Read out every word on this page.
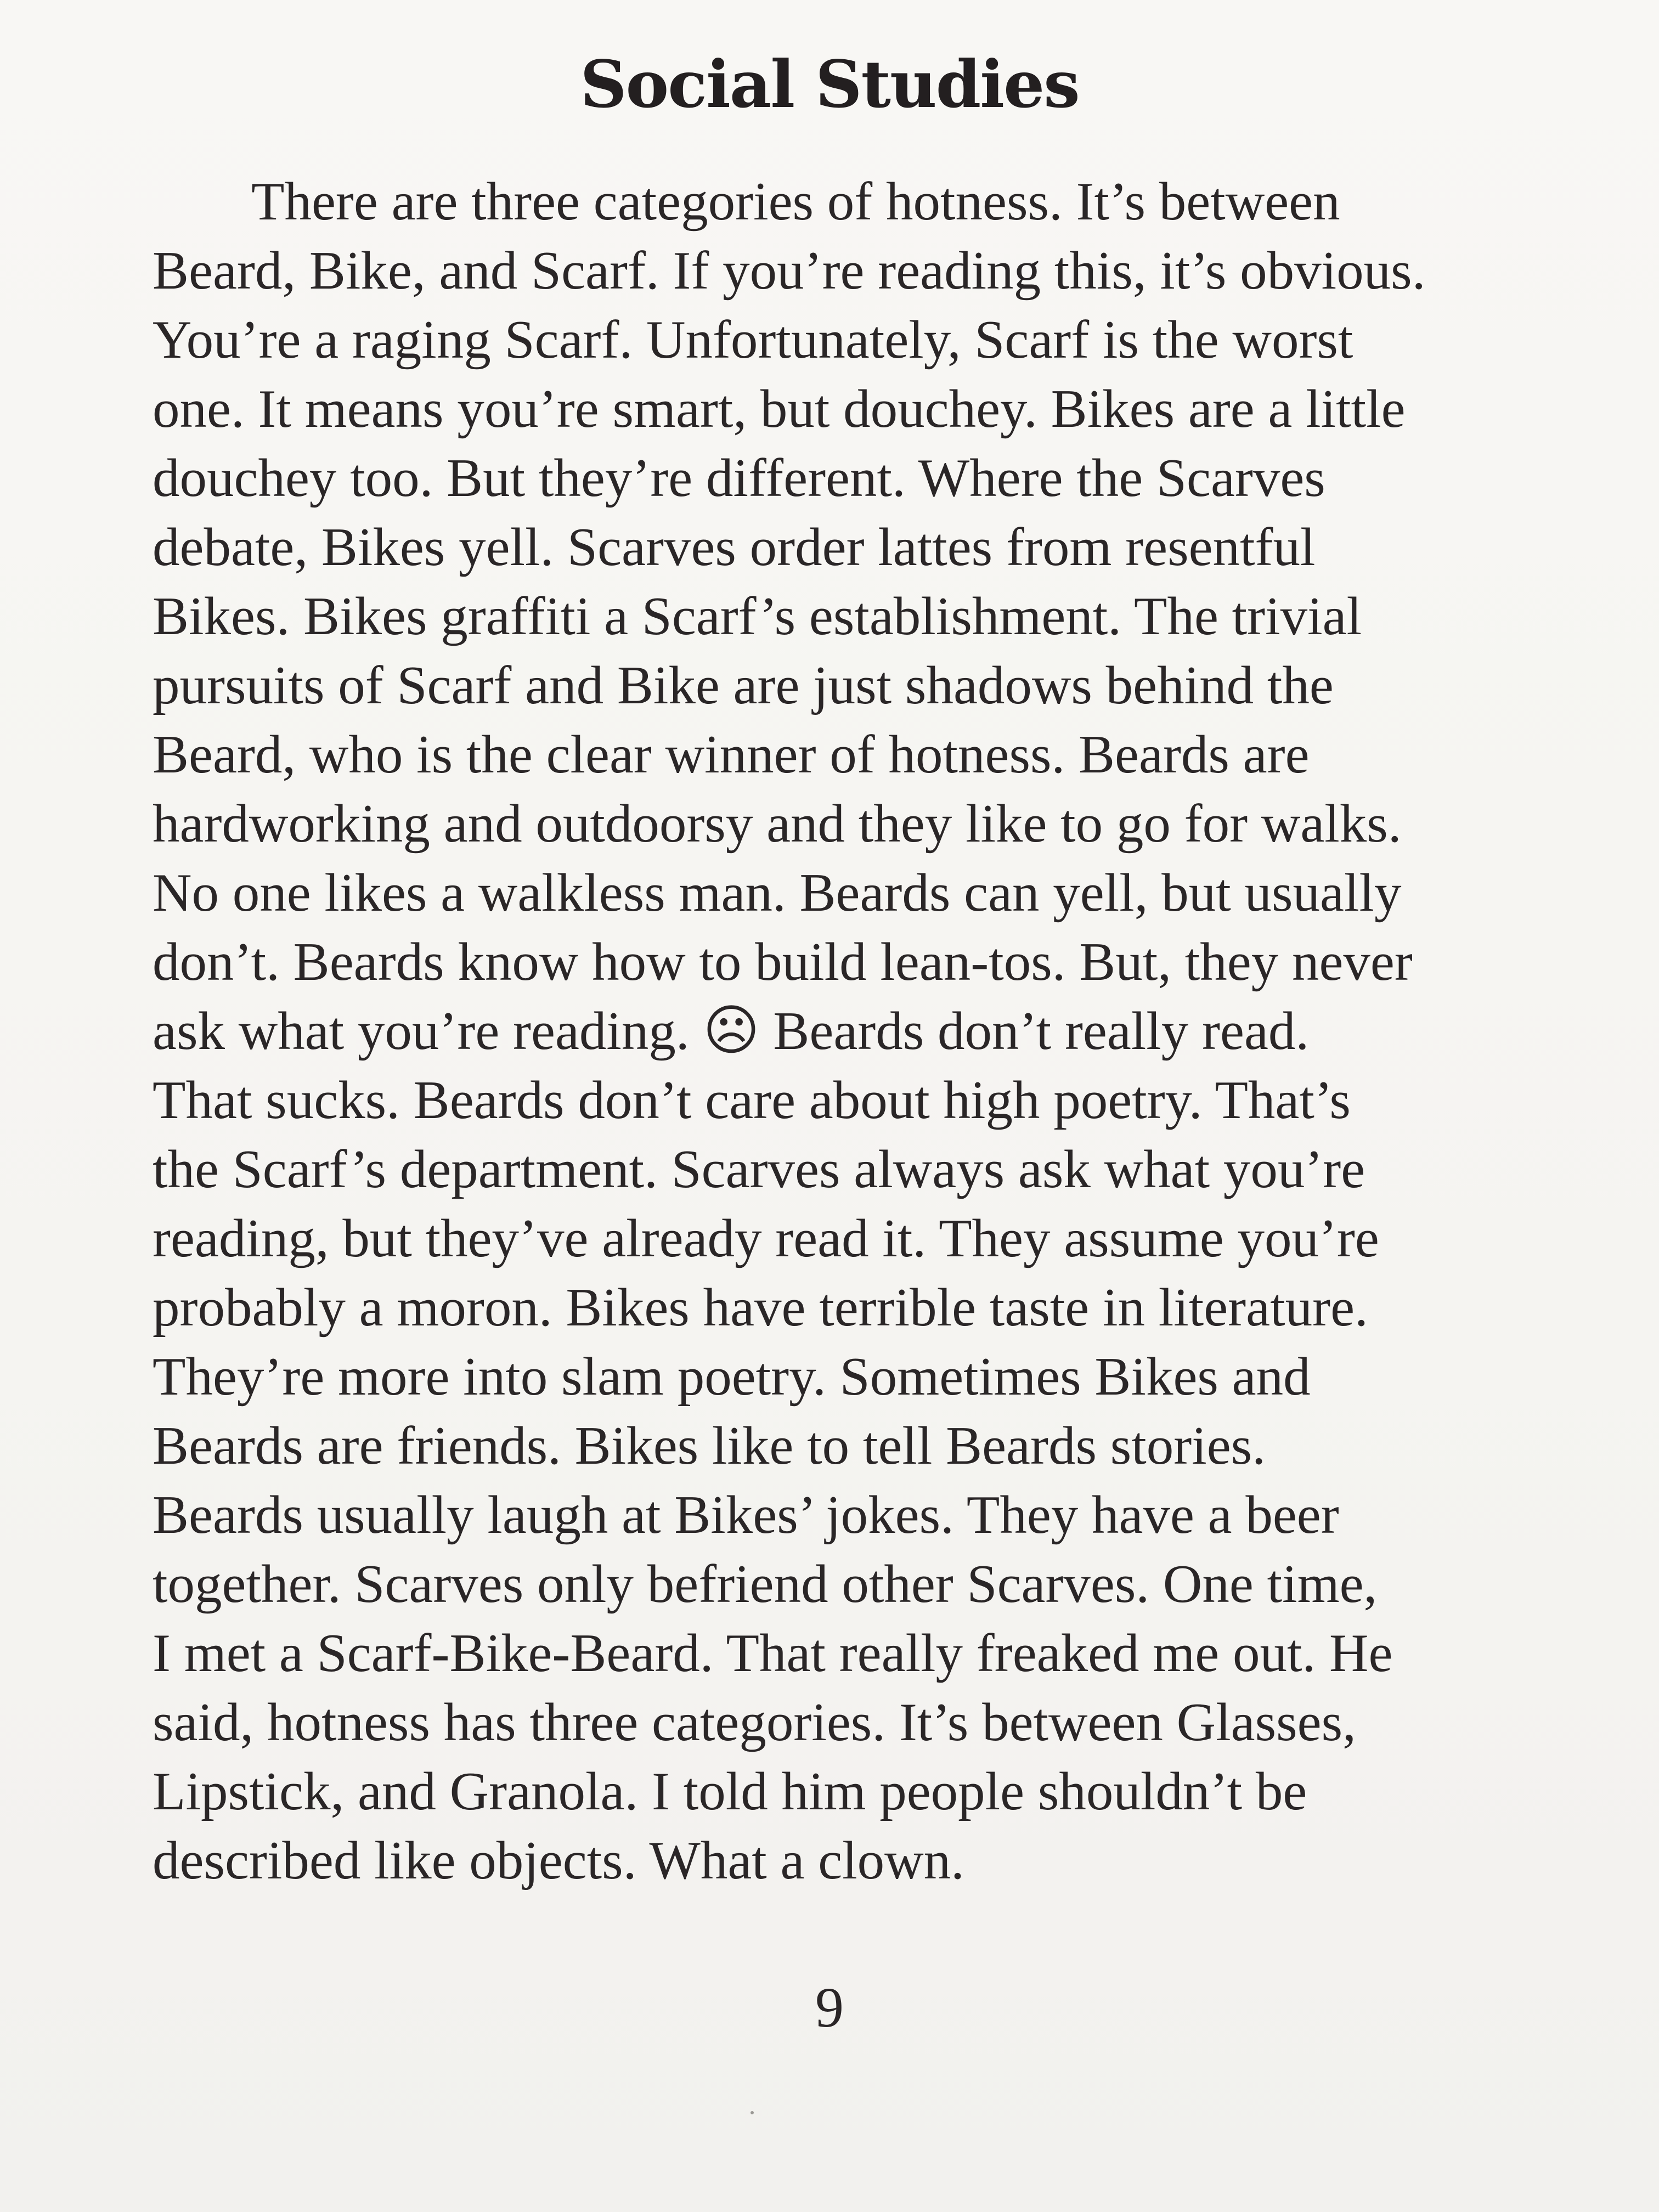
Social Studies

There are three categories of hotness. It’s between
Beard, Bike, and Scarf. If you’re reading this, it’s obvious.
You’re a raging Scarf. Unfortunately, Scarf is the worst
one. It means you’re smart, but douchey. Bikes are a little
douchey too. But they’re different. Where the Scarves
debate, Bikes yell. Scarves order lattes from resentful
Bikes. Bikes graffiti a Scarf’s establishment. The trivial
pursuits of Scarf and Bike are just shadows behind the
Beard, who is the clear winner of hotness. Beards are
hardworking and outdoorsy and they like to go for walks.
No one likes a walkless man. Beards can yell, but usually
don’t. Beards know how to build lean-tos. But, they never
ask what you’re reading. ☹ Beards don’t really read.
That sucks. Beards don’t care about high poetry. That’s
the Scarf’s department. Scarves always ask what you’re
reading, but they’ve already read it. They assume you’re
probably a moron. Bikes have terrible taste in literature.
They’re more into slam poetry. Sometimes Bikes and
Beards are friends. Bikes like to tell Beards stories.
Beards usually laugh at Bikes’ jokes. They have a beer
together. Scarves only befriend other Scarves. One time,
I met a Scarf-Bike-Beard. That really freaked me out. He
said, hotness has three categories. It’s between Glasses,
Lipstick, and Granola. I told him people shouldn’t be
described like objects. What a clown.

9
